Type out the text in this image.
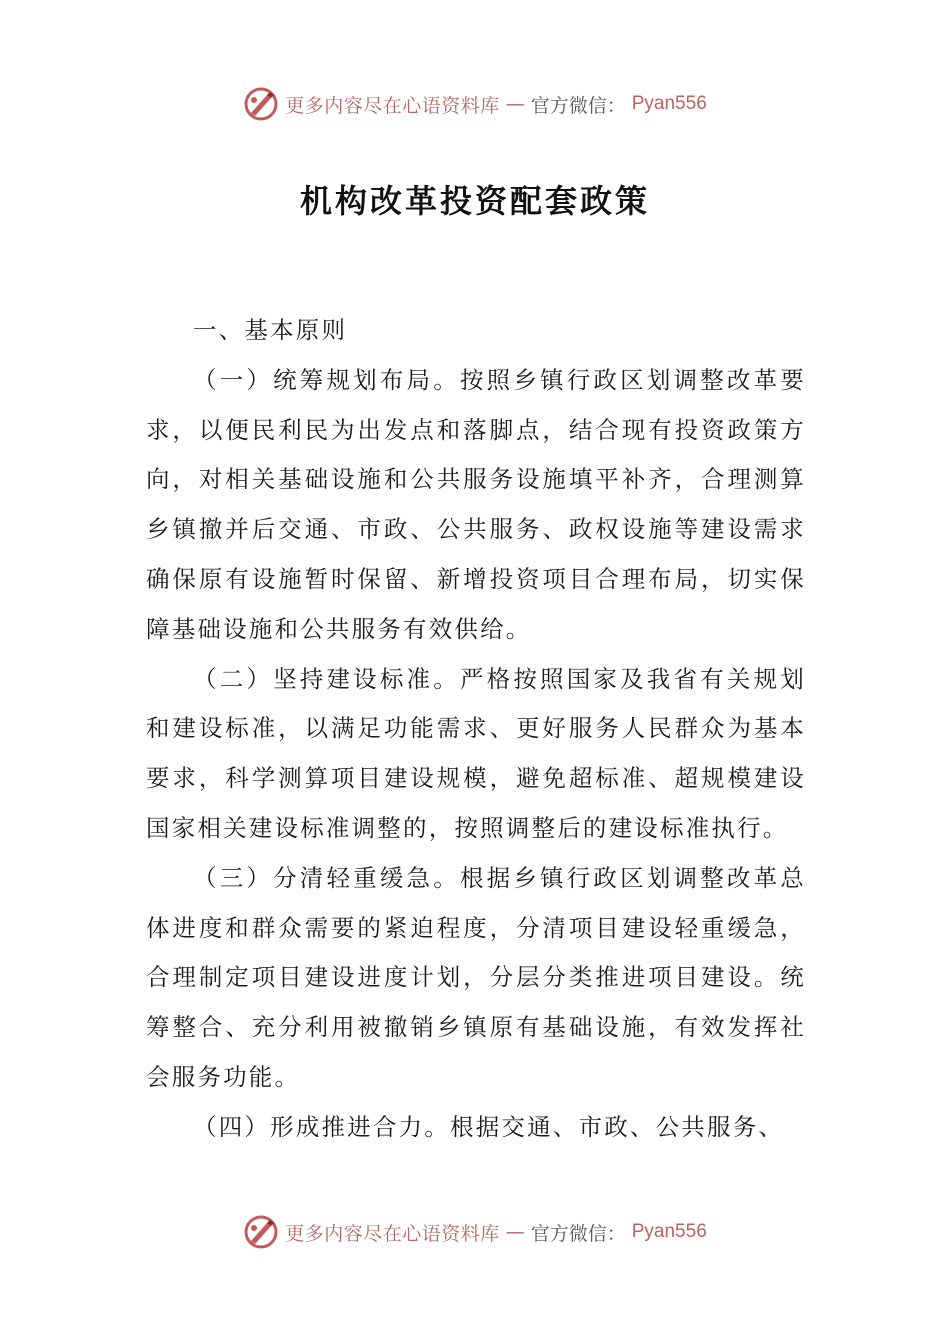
更多内容尽在心语资料库 — 官方微信： Pyan556
机构改革投资配套政策

一、基本原则

（一）统筹规划布局。按照乡镇行政区划调整改革要求，以便民利民为出发点和落脚点，结合现有投资政策方向，对相关基础设施和公共服务设施填平补齐，合理测算乡镇撤并后交通、市政、公共服务、政权设施等建设需求确保原有设施暂时保留、新增投资项目合理布局，切实保障基础设施和公共服务有效供给。

（二）坚持建设标准。严格按照国家及我省有关规划和建设标准，以满足功能需求、更好服务人民群众为基本要求，科学测算项目建设规模，避免超标准、超规模建设国家相关建设标准调整的，按照调整后的建设标准执行。

（三）分清轻重缓急。根据乡镇行政区划调整改革总体进度和群众需要的紧迫程度，分清项目建设轻重缓急，合理制定项目建设进度计划，分层分类推进项目建设。统筹整合、充分利用被撤销乡镇原有基础设施，有效发挥社会服务功能。

（四）形成推进合力。根据交通、市政、公共服务、

更多内容尽在心语资料库 — 官方微信： Pyan556
